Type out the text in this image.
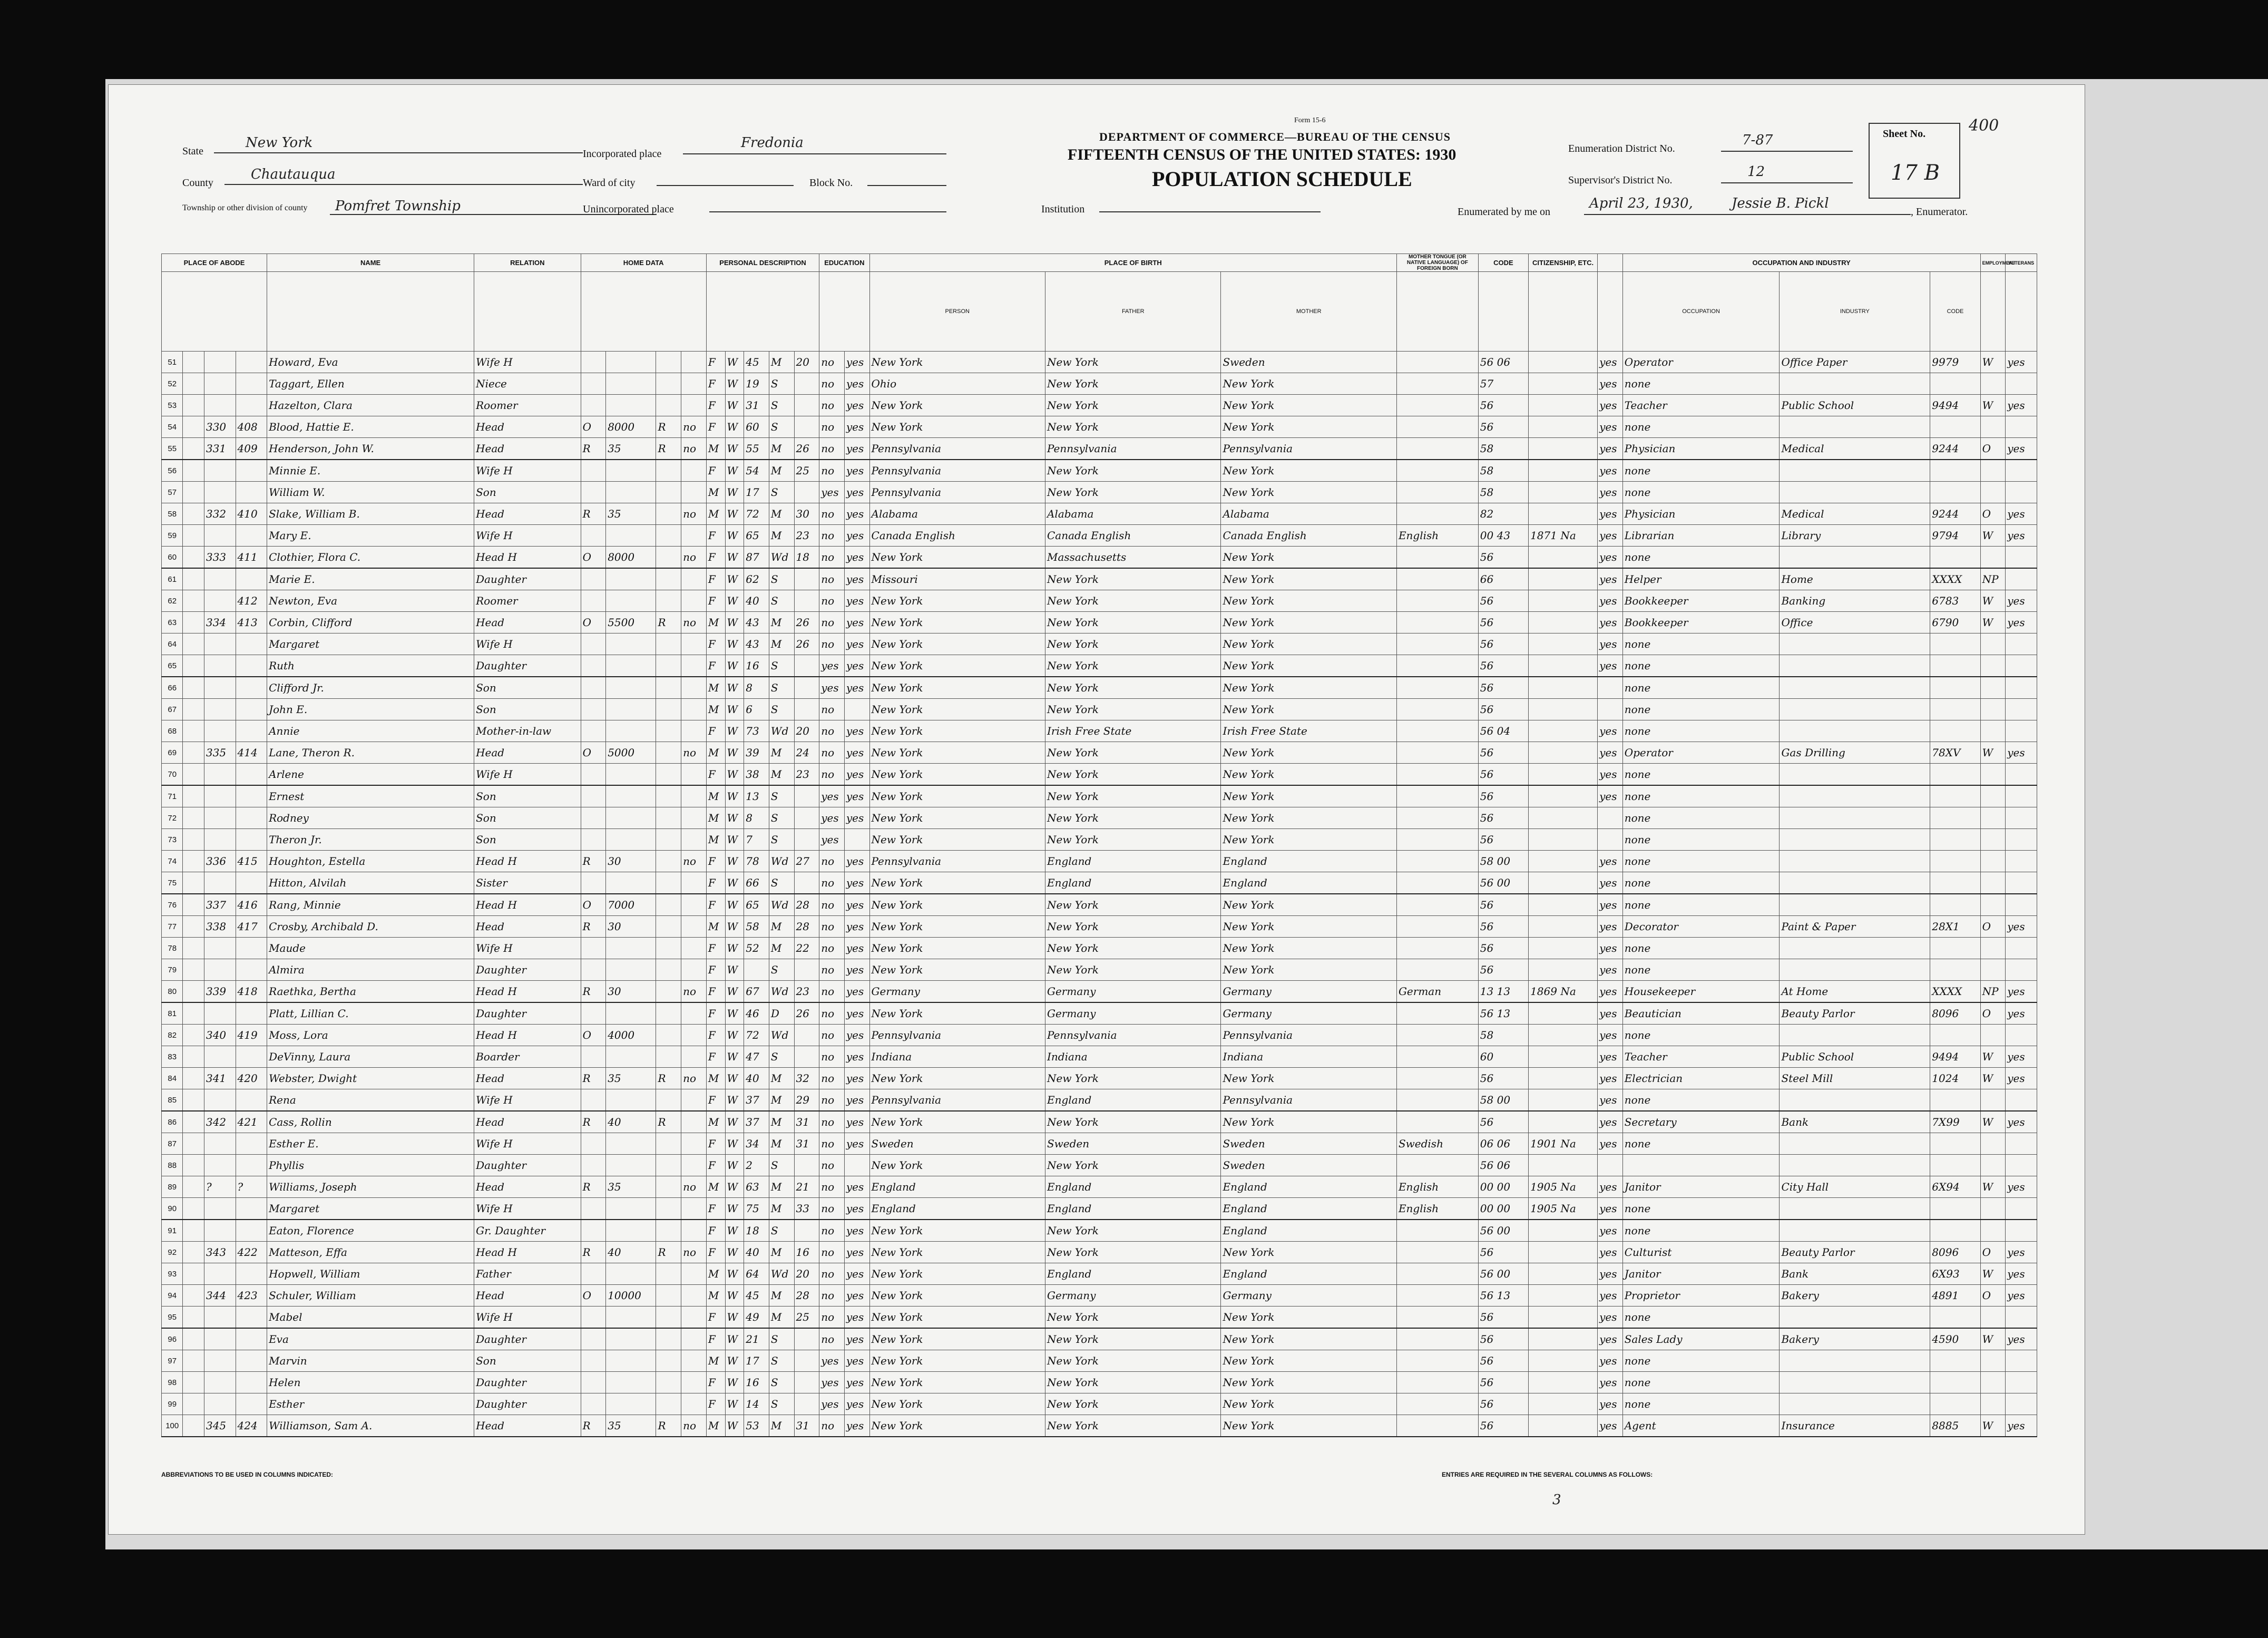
Form 15-6
DEPARTMENT OF COMMERCE—BUREAU OF THE CENSUS
FIFTEENTH CENSUS OF THE UNITED STATES: 1930
POPULATION SCHEDULE
State
New York
County
Chautauqua
Township or other division of county Pomfret Township
Incorporated place
Fredonia
Ward of city	Block No.
Unincorporated place	Institution
Enumeration District No.
7-87
Supervisor's District No.
12
Sheet No.
17 B
400
Enumerated by me on
April 23, 1930,	Jessie B. Pickl
, Enumerator.
PLACE OF ABODE				NAME	RELATION	HOME DATA				PERSONAL DESCRIPTION					EDUCATION		PLACE OF BIRTH			MOTHER TONGUE (OR NATIVE LANGUAGE) OF FOREIGN BORN	CODE	CITIZENSHIP, ETC.		OCCUPATION AND INDUSTRY			EMPLOYMENT	VETERANS
																	PERSON	FATHER	MOTHER					OCCUPATION	INDUSTRY	CODE		
51				Howard, Eva	Wife H					F	W	45	M	20	no	yes	New York	New York	Sweden		56 06		yes	Operator	Office Paper	9979	W	yes
52				Taggart, Ellen	Niece					F	W	19	S		no	yes	Ohio	New York	New York		57		yes	none				
53				Hazelton, Clara	Roomer					F	W	31	S		no	yes	New York	New York	New York		56		yes	Teacher	Public School	9494	W	yes
54		330	408	Blood, Hattie E.	Head	O	8000	R	no	F	W	60	S		no	yes	New York	New York	New York		56		yes	none				
55		331	409	Henderson, John W.	Head	R	35	R	no	M	W	55	M	26	no	yes	Pennsylvania	Pennsylvania	Pennsylvania		58		yes	Physician	Medical	9244	O	yes
56				Minnie E.	Wife H					F	W	54	M	25	no	yes	Pennsylvania	New York	New York		58		yes	none				
57				William W.	Son					M	W	17	S		yes	yes	Pennsylvania	New York	New York		58		yes	none				
58		332	410	Slake, William B.	Head	R	35		no	M	W	72	M	30	no	yes	Alabama	Alabama	Alabama		82		yes	Physician	Medical	9244	O	yes
59				Mary E.	Wife H					F	W	65	M	23	no	yes	Canada English	Canada English	Canada English	English	00 43	1871 Na	yes	Librarian	Library	9794	W	yes
60		333	411	Clothier, Flora C.	Head H	O	8000		no	F	W	87	Wd	18	no	yes	New York	Massachusetts	New York		56		yes	none				
61				Marie E.	Daughter					F	W	62	S		no	yes	Missouri	New York	New York		66		yes	Helper	Home	XXXX	NP	
62			412	Newton, Eva	Roomer					F	W	40	S		no	yes	New York	New York	New York		56		yes	Bookkeeper	Banking	6783	W	yes
63		334	413	Corbin, Clifford	Head	O	5500	R	no	M	W	43	M	26	no	yes	New York	New York	New York		56		yes	Bookkeeper	Office	6790	W	yes
64				Margaret	Wife H					F	W	43	M	26	no	yes	New York	New York	New York		56		yes	none				
65				Ruth	Daughter					F	W	16	S		yes	yes	New York	New York	New York		56		yes	none				
66				Clifford Jr.	Son					M	W	8	S		yes	yes	New York	New York	New York		56			none				
67				John E.	Son					M	W	6	S		no		New York	New York	New York		56			none				
68				Annie	Mother-in-law					F	W	73	Wd	20	no	yes	New York	Irish Free State	Irish Free State		56 04		yes	none				
69		335	414	Lane, Theron R.	Head	O	5000		no	M	W	39	M	24	no	yes	New York	New York	New York		56		yes	Operator	Gas Drilling	78XV	W	yes
70				Arlene	Wife H					F	W	38	M	23	no	yes	New York	New York	New York		56		yes	none				
71				Ernest	Son					M	W	13	S		yes	yes	New York	New York	New York		56		yes	none				
72				Rodney	Son					M	W	8	S		yes	yes	New York	New York	New York		56			none				
73				Theron Jr.	Son					M	W	7	S		yes		New York	New York	New York		56			none				
74		336	415	Houghton, Estella	Head H	R	30		no	F	W	78	Wd	27	no	yes	Pennsylvania	England	England		58 00		yes	none				
75				Hitton, Alvilah	Sister					F	W	66	S		no	yes	New York	England	England		56 00		yes	none				
76		337	416	Rang, Minnie	Head H	O	7000			F	W	65	Wd	28	no	yes	New York	New York	New York		56		yes	none				
77		338	417	Crosby, Archibald D.	Head	R	30			M	W	58	M	28	no	yes	New York	New York	New York		56		yes	Decorator	Paint & Paper	28X1	O	yes
78				Maude	Wife H					F	W	52	M	22	no	yes	New York	New York	New York		56		yes	none				
79				Almira	Daughter					F	W		S		no	yes	New York	New York	New York		56		yes	none				
80		339	418	Raethka, Bertha	Head H	R	30		no	F	W	67	Wd	23	no	yes	Germany	Germany	Germany	German	13 13	1869 Na	yes	Housekeeper	At Home	XXXX	NP	yes
81				Platt, Lillian C.	Daughter					F	W	46	D	26	no	yes	New York	Germany	Germany		56 13		yes	Beautician	Beauty Parlor	8096	O	yes
82		340	419	Moss, Lora	Head H	O	4000			F	W	72	Wd		no	yes	Pennsylvania	Pennsylvania	Pennsylvania		58		yes	none				
83				DeVinny, Laura	Boarder					F	W	47	S		no	yes	Indiana	Indiana	Indiana		60		yes	Teacher	Public School	9494	W	yes
84		341	420	Webster, Dwight	Head	R	35	R	no	M	W	40	M	32	no	yes	New York	New York	New York		56		yes	Electrician	Steel Mill	1024	W	yes
85				Rena	Wife H					F	W	37	M	29	no	yes	Pennsylvania	England	Pennsylvania		58 00		yes	none				
86		342	421	Cass, Rollin	Head	R	40	R		M	W	37	M	31	no	yes	New York	New York	New York		56		yes	Secretary	Bank	7X99	W	yes
87				Esther E.	Wife H					F	W	34	M	31	no	yes	Sweden	Sweden	Sweden	Swedish	06 06	1901 Na	yes	none				
88				Phyllis	Daughter					F	W	2	S		no		New York	New York	Sweden		56 06							
89		?	?	Williams, Joseph	Head	R	35		no	M	W	63	M	21	no	yes	England	England	England	English	00 00	1905 Na	yes	Janitor	City Hall	6X94	W	yes
90				Margaret	Wife H					F	W	75	M	33	no	yes	England	England	England	English	00 00	1905 Na	yes	none				
91				Eaton, Florence	Gr. Daughter					F	W	18	S		no	yes	New York	New York	England		56 00		yes	none				
92		343	422	Matteson, Effa	Head H	R	40	R	no	F	W	40	M	16	no	yes	New York	New York	New York		56		yes	Culturist	Beauty Parlor	8096	O	yes
93				Hopwell, William	Father					M	W	64	Wd	20	no	yes	New York	England	England		56 00		yes	Janitor	Bank	6X93	W	yes
94		344	423	Schuler, William	Head	O	10000			M	W	45	M	28	no	yes	New York	Germany	Germany		56 13		yes	Proprietor	Bakery	4891	O	yes
95				Mabel	Wife H					F	W	49	M	25	no	yes	New York	New York	New York		56		yes	none				
96				Eva	Daughter					F	W	21	S		no	yes	New York	New York	New York		56		yes	Sales Lady	Bakery	4590	W	yes
97				Marvin	Son					M	W	17	S		yes	yes	New York	New York	New York		56		yes	none				
98				Helen	Daughter					F	W	16	S		yes	yes	New York	New York	New York		56		yes	none				
99				Esther	Daughter					F	W	14	S		yes	yes	New York	New York	New York		56		yes	none				
100		345	424	Williamson, Sam A.	Head	R	35	R	no	M	W	53	M	31	no	yes	New York	New York	New York		56		yes	Agent	Insurance	8885	W	yes
ABBREVIATIONS TO BE USED IN COLUMNS INDICATED:	ENTRIES ARE REQUIRED IN THE SEVERAL COLUMNS AS FOLLOWS:
3
